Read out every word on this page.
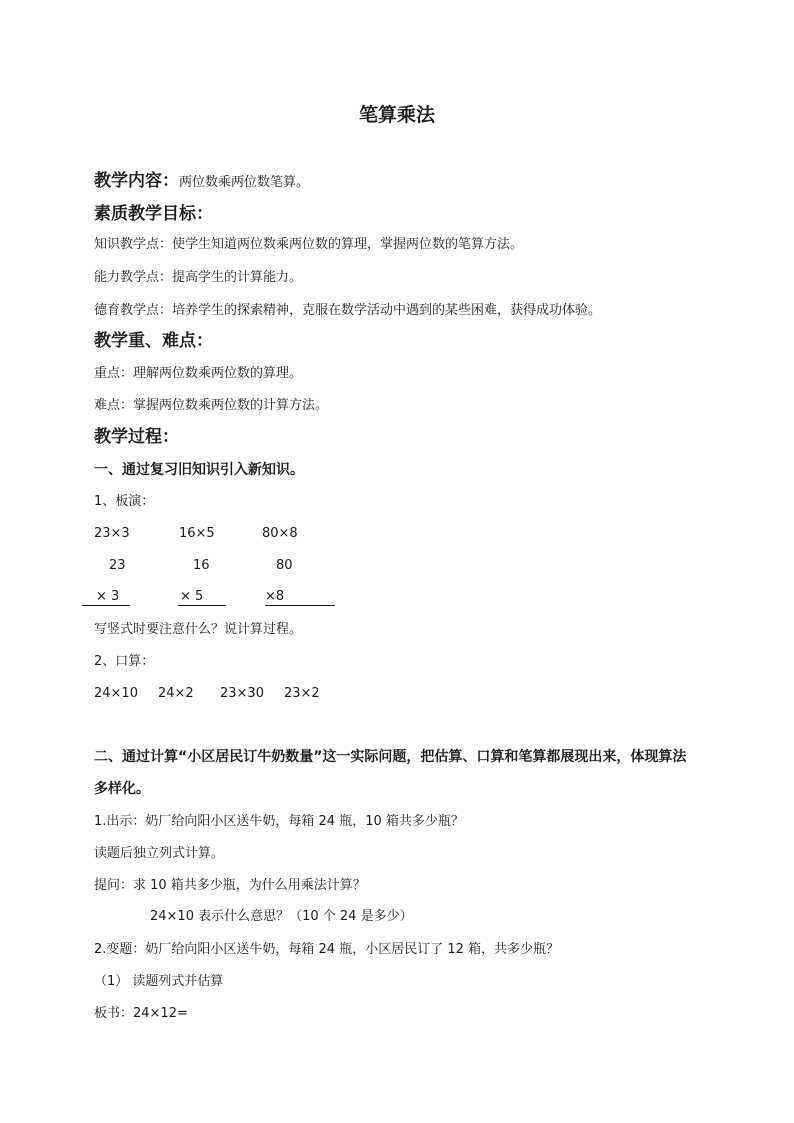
笔算乘法
教学内容：两位数乘两位数笔算。
素质教学目标：
知识教学点：使学生知道两位数乘两位数的算理，掌握两位数的笔算方法。
能力教学点：提高学生的计算能力。
德育教学点：培养学生的探索精神，克服在数学活动中遇到的某些困难，获得成功体验。
教学重、难点：
重点：理解两位数乘两位数的算理。
难点：掌握两位数乘两位数的计算方法。
教学过程：
一、通过复习旧知识引入新知识。
1、板演：
23×3	16×5	80×8
23	16	80
× 3	× 5	×8
写竖式时要注意什么？说计算过程。
2、口算：
24×10 24×2 23×30 23×2
二、通过计算“小区居民订牛奶数量”这一实际问题，把估算、口算和笔算都展现出来，体现算法
多样化。
1.出示：奶厂给向阳小区送牛奶，每箱 24 瓶，10 箱共多少瓶？
读题后独立列式计算。
提问：求 10 箱共多少瓶，为什么用乘法计算？
24×10 表示什么意思？（10 个 24 是多少）
2.变题：奶厂给向阳小区送牛奶，每箱 24 瓶，小区居民订了 12 箱，共多少瓶？
（1） 读题列式并估算
板书：24×12=
